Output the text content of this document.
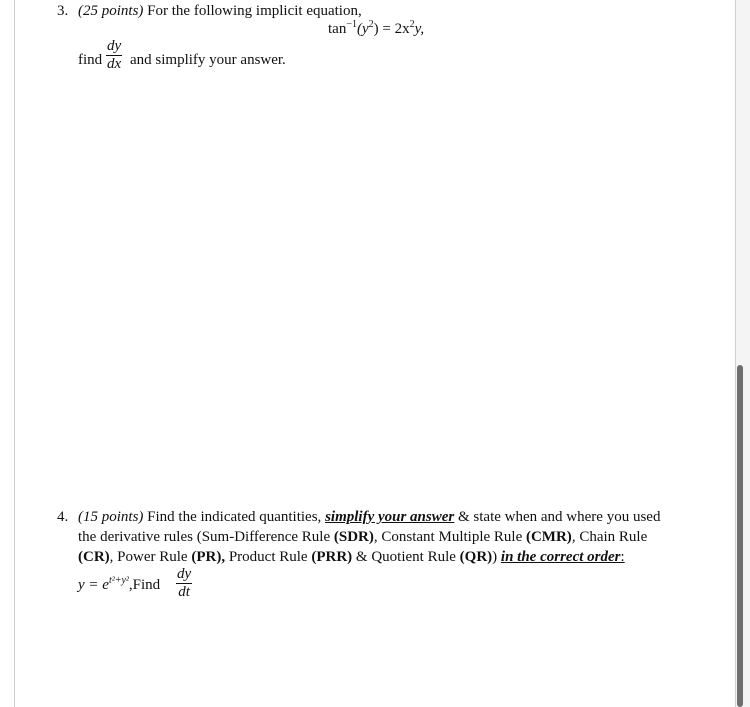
3. (25 points) For the following implicit equation,
$\tan^{-1}(y^2) = 2x^2y$,
find
dy
dx and simplify your answer.
4. (15 points) Find the indicated quantities, simplify your answer & state when and where you used
the derivative rules (Sum-Difference Rule (SDR), Constant Multiple Rule (CMR), Chain Rule
(CR), Power Rule (PR), Product Rule (PRR) & Quotient Rule (QR)) in the correct order:
$y = e^{t^2+y^2},Find$
dy
dt
